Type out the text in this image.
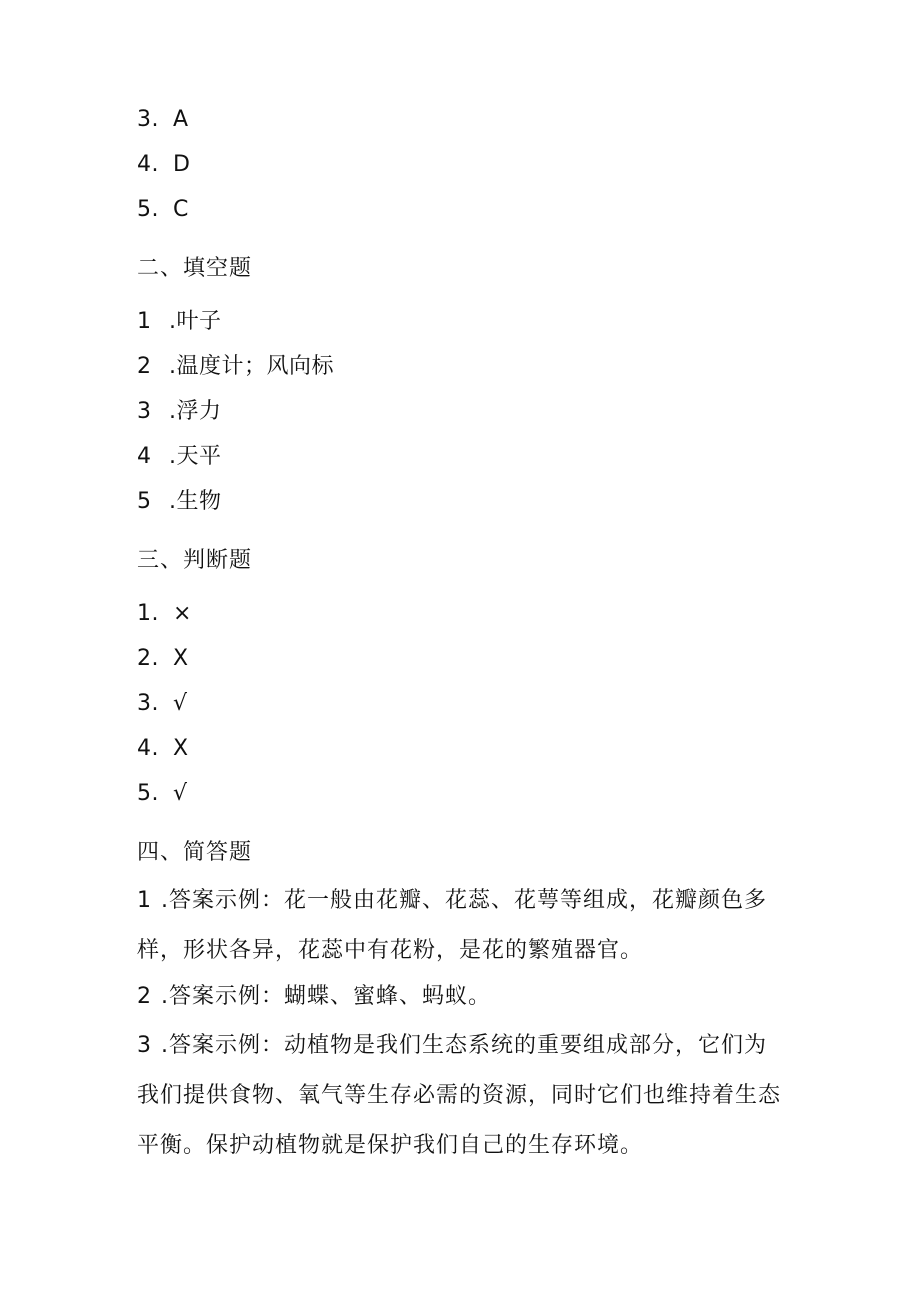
3. A
4. D
5. C
二、填空题
1 .叶子
2 .温度计；风向标
3 .浮力
4 .天平
5 .生物
三、判断题
1. ×
2. X
3. √
4. X
5. √
四、简答题
1 .答案示例：花一般由花瓣、花蕊、花萼等组成，花瓣颜色多样，形状各异，花蕊中有花粉，是花的繁殖器官。
2 .答案示例：蝴蝶、蜜蜂、蚂蚁。
3 .答案示例：动植物是我们生态系统的重要组成部分，它们为我们提供食物、氧气等生存必需的资源，同时它们也维持着生态平衡。保护动植物就是保护我们自己的生存环境。
